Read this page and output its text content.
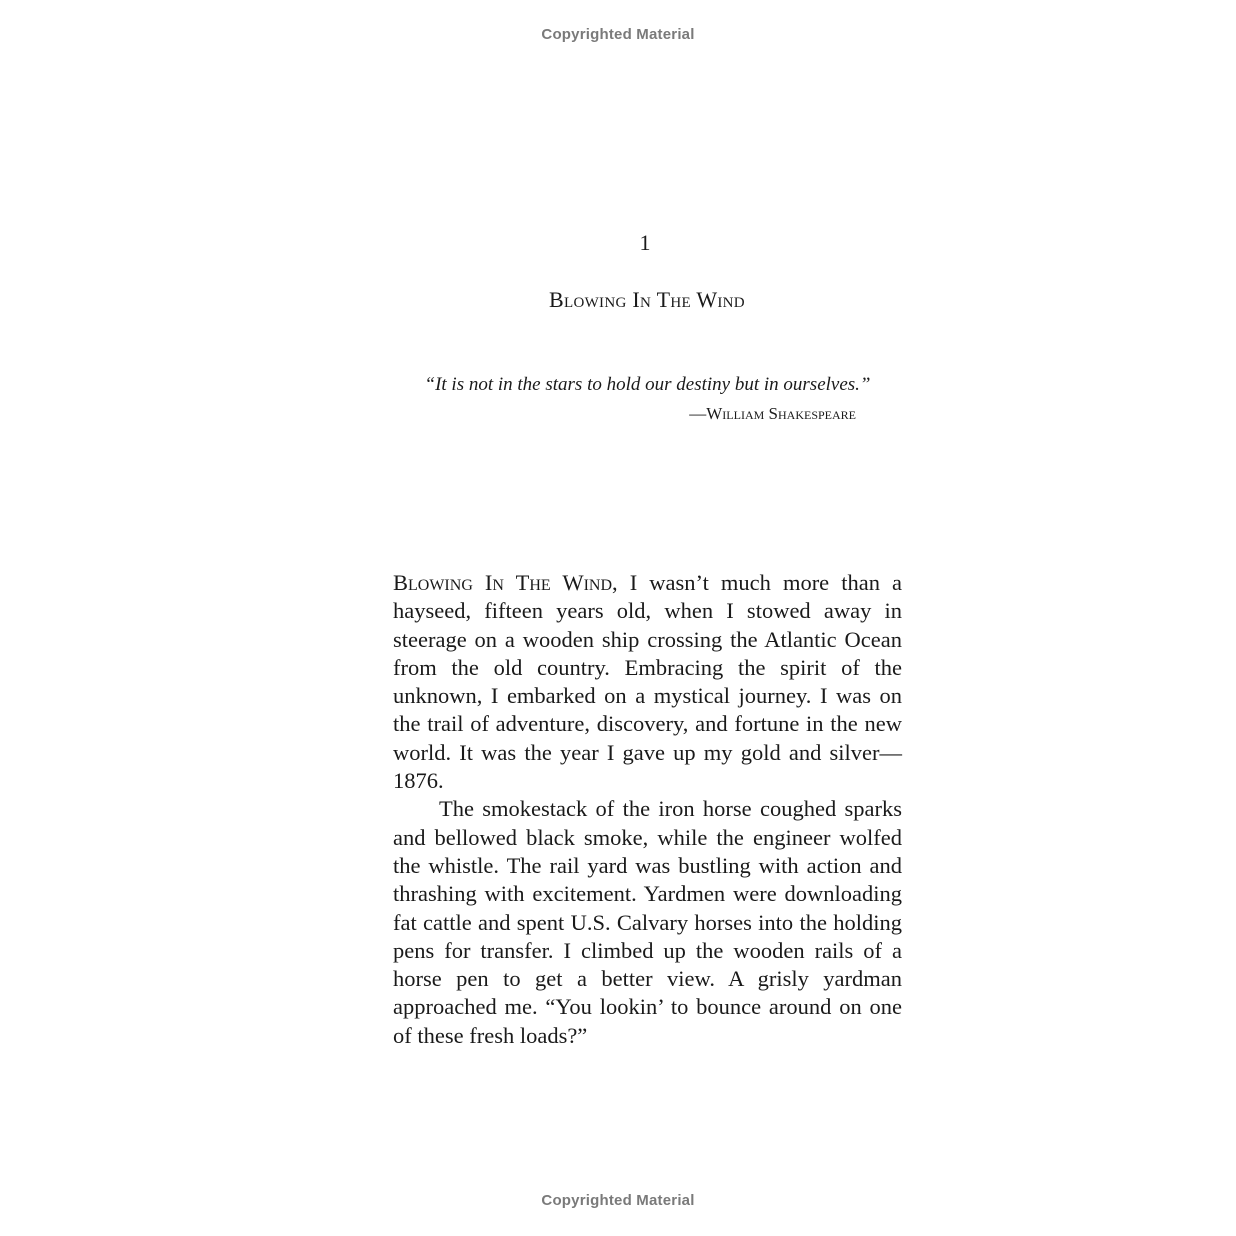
Copyrighted Material
1
Blowing In The Wind
“It is not in the stars to hold our destiny but in ourselves.”
—William Shakespeare

Blowing In The Wind, I wasn’t much more than a hayseed, fifteen years old, when I stowed away in steerage on a wooden ship crossing the Atlantic Ocean from the old country. Embracing the spirit of the unknown, I embarked on a mystical journey. I was on the trail of adventure, discovery, and fortune in the new world. It was the year I gave up my gold and silver—1876.

The smokestack of the iron horse coughed sparks and bellowed black smoke, while the engineer wolfed the whistle. The rail yard was bustling with action and thrashing with excitement. Yardmen were downloading fat cattle and spent U.S. Calvary horses into the holding pens for transfer. I climbed up the wooden rails of a horse pen to get a better view. A grisly yardman approached me. “You lookin’ to bounce around on one of these fresh loads?”

Copyrighted Material
